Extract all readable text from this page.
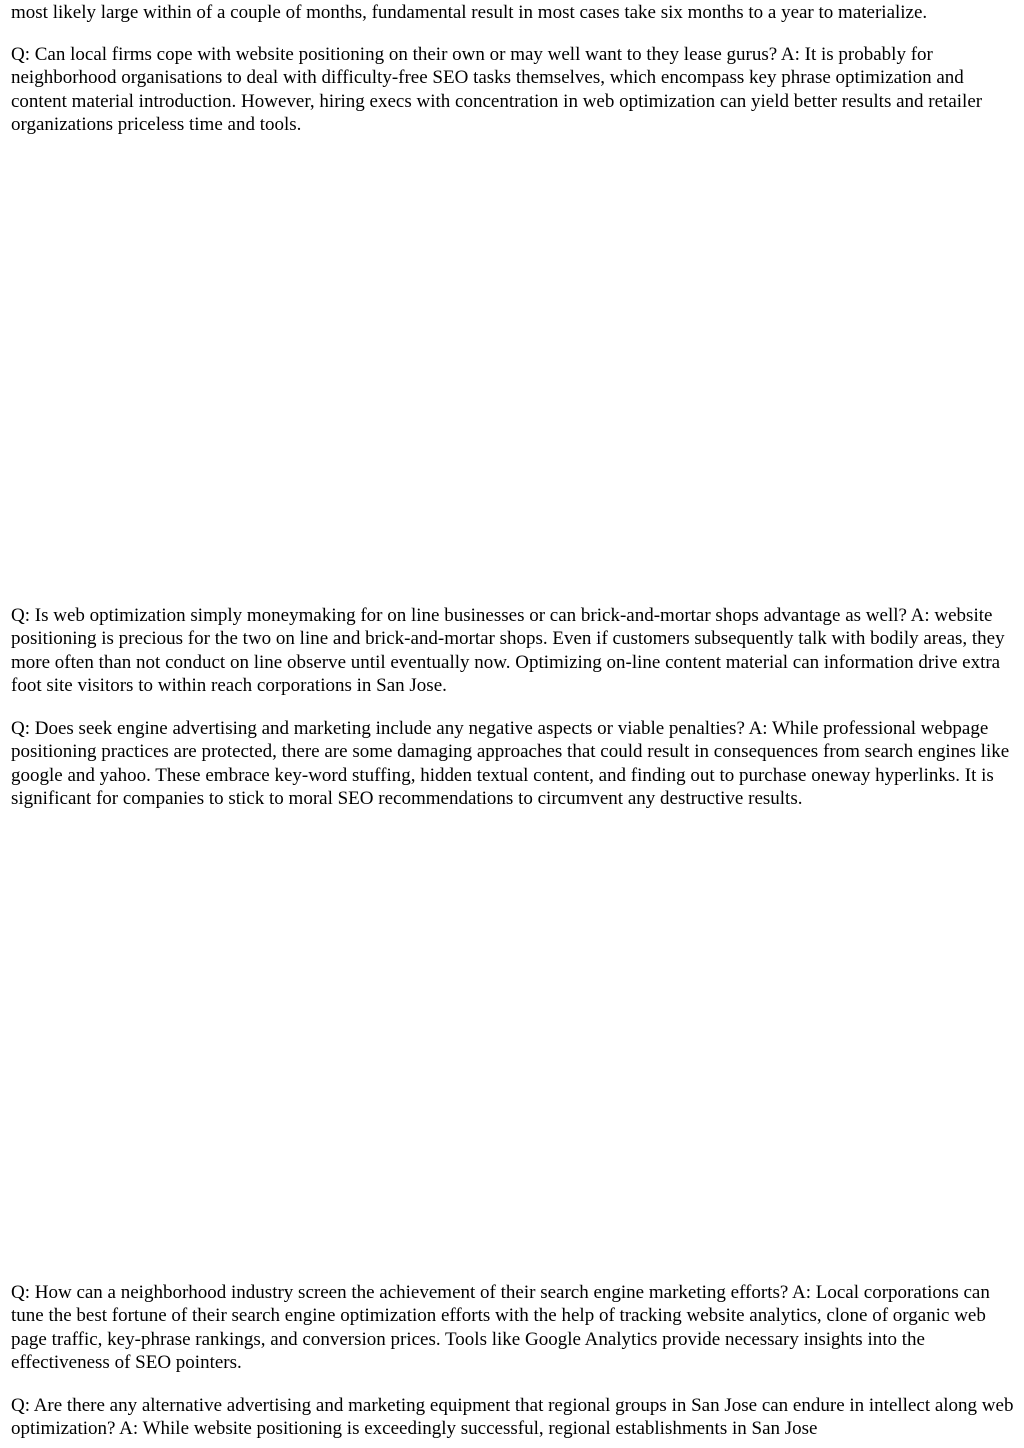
most likely large within of a couple of months, fundamental result in most cases take six months to a year to materialize.

Q: Can local firms cope with website positioning on their own or may well want to they lease gurus? A: It is probably for neighborhood organisations to deal with difficulty-free SEO tasks themselves, which encompass key phrase optimization and content material introduction. However, hiring execs with concentration in web optimization can yield better results and retailer organizations priceless time and tools.

Q: Is web optimization simply moneymaking for on line businesses or can brick-and-mortar shops advantage as well? A: website positioning is precious for the two on line and brick-and-mortar shops. Even if customers subsequently talk with bodily areas, they more often than not conduct on line observe until eventually now. Optimizing on-line content material can information drive extra foot site visitors to within reach corporations in San Jose.

Q: Does seek engine advertising and marketing include any negative aspects or viable penalties? A: While professional webpage positioning practices are protected, there are some damaging approaches that could result in consequences from search engines like google and yahoo. These embrace key-word stuffing, hidden textual content, and finding out to purchase oneway hyperlinks. It is significant for companies to stick to moral SEO recommendations to circumvent any destructive results.

Q: How can a neighborhood industry screen the achievement of their search engine marketing efforts? A: Local corporations can tune the best fortune of their search engine optimization efforts with the help of tracking website analytics, clone of organic web page traffic, key-phrase rankings, and conversion prices. Tools like Google Analytics provide necessary insights into the effectiveness of SEO pointers.

Q: Are there any alternative advertising and marketing equipment that regional groups in San Jose can endure in intellect along web optimization? A: While website positioning is exceedingly successful, regional establishments in San Jose
